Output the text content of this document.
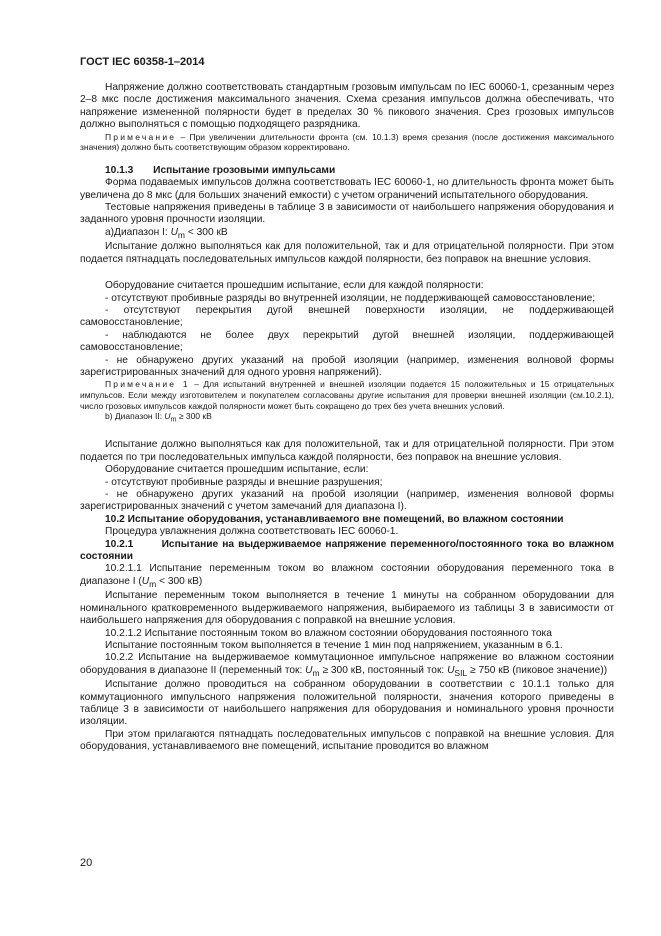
ГОСТ IEC 60358-1–2014

Напряжение должно соответствовать стандартным грозовым импульсам по IEC 60060-1, срезанным через 2–8 мкс после достижения максимального значения. Схема срезания импульсов должна обеспечивать, что напряжение измененной полярности будет в пределах 30 % пикового значения. Срез грозовых импульсов должно выполняться с помощью подходящего разрядника.

Примечание – При увеличении длительности фронта (см. 10.1.3) время срезания (после достижения максимального значения) должно быть соответствующим образом корректировано.

10.1.3 Испытание грозовыми импульсами

Форма подаваемых импульсов должна соответствовать IEC 60060-1, но длительность фронта может быть увеличена до 8 мкс (для больших значений емкости) с учетом ограничений испытательного оборудования.

Тестовые напряжения приведены в таблице 3 в зависимости от наибольшего напряжения оборудования и заданного уровня прочности изоляции.

а)Диапазон I: $U_m < 300$ кВ

Испытание должно выполняться как для положительной, так и для отрицательной полярности. При этом подается пятнадцать последовательных импульсов каждой полярности, без поправок на внешние условия.

Оборудование считается прошедшим испытание, если для каждой полярности:

- отсутствуют пробивные разряды во внутренней изоляции, не поддерживающей самовосстановление;

- отсутствуют перекрытия дугой внешней поверхности изоляции, не поддерживающей самовосстановление;

- наблюдаются не более двух перекрытий дугой внешней изоляции, поддерживающей самовосстановление;

- не обнаружено других указаний на пробой изоляции (например, изменения волновой формы зарегистрированных значений для одного уровня напряжений).

Примечание 1 – Для испытаний внутренней и внешней изоляции подается 15 положительных и 15 отрицательных импульсов. Если между изготовителем и покупателем согласованы другие испытания для проверки внешней изоляции (см.10.2.1), число грозовых импульсов каждой полярности может быть сокращено до трех без учета внешних условий.

b) Диапазон II: $U_m \ge 300$ кВ

Испытание должно выполняться как для положительной, так и для отрицательной полярности. При этом подается по три последовательных импульса каждой полярности, без поправок на внешние условия.

Оборудование считается прошедшим испытание, если:

- отсутствуют пробивные разряды и внешние разрушения;

- не обнаружено других указаний на пробой изоляции (например, изменения волновой формы зарегистрированных значений с учетом замечаний для диапазона I).

10.2 Испытание оборудования, устанавливаемого вне помещений, во влажном состоянии

Процедура увлажнения должна соответствовать IEC 60060-1.

10.2.1	Испытание на выдерживаемое напряжение переменного/постоянного тока во влажном состоянии

10.2.1.1 Испытание переменным током во влажном состоянии оборудования переменного тока в диапазоне I ($U_m < 300$ кВ)

Испытание переменным током выполняется в течение 1 минуты на собранном оборудовании для номинального кратковременного выдерживаемого напряжения, выбираемого из таблицы 3 в зависимости от наибольшего напряжения для оборудования с поправкой на внешние условия.

10.2.1.2 Испытание постоянным током во влажном состоянии оборудования постоянного тока

Испытание постоянным током выполняется в течение 1 мин под напряжением, указанным в 6.1.

10.2.2 Испытание на выдерживаемое коммутационное импульсное напряжение во влажном состоянии оборудования в диапазоне II (переменный ток: $U_m \ge 300$ кВ, постоянный ток: $U_{SIL} \ge 750$ кВ (пиковое значение))

Испытание должно проводиться на собранном оборудовании в соответствии с 10.1.1 только для коммутационного импульсного напряжения положительной полярности, значения которого приведены в таблице 3 в зависимости от наибольшего напряжения для оборудования и номинального уровня прочности изоляции.

При этом прилагаются пятнадцать последовательных импульсов с поправкой на внешние условия. Для оборудования, устанавливаемого вне помещений, испытание проводится во влажном

20
